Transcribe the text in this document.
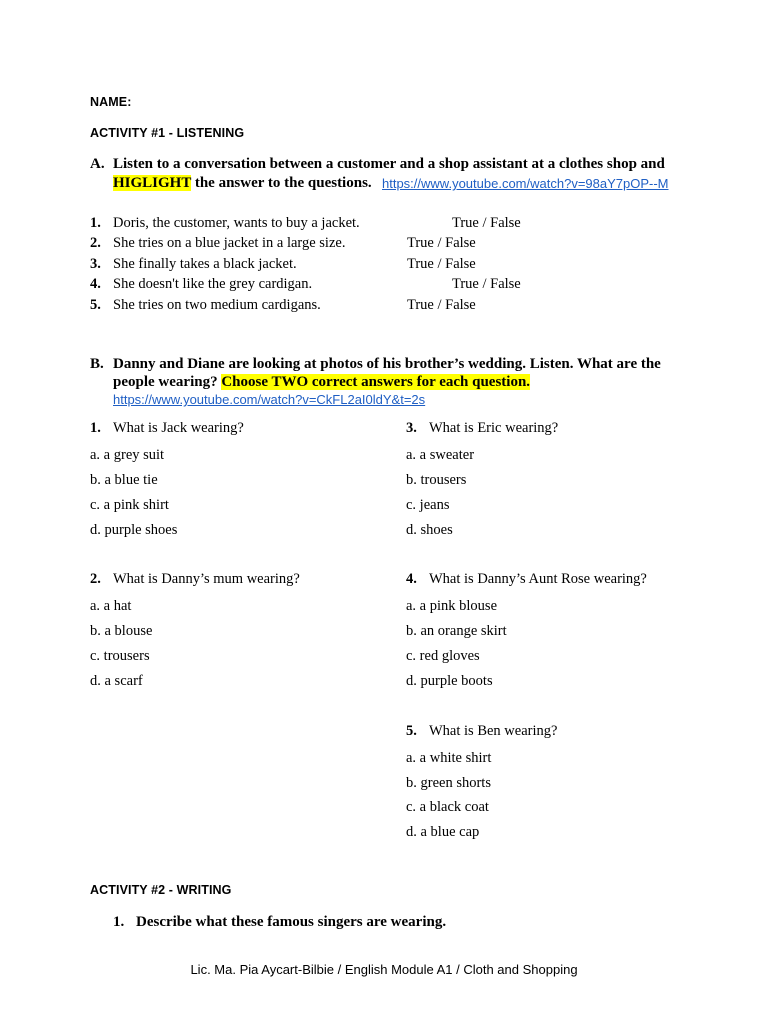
NAME:
ACTIVITY #1 - LISTENING
A. Listen to a conversation between a customer and a shop assistant at a clothes shop and
HIGLIGHT the answer to the questions. https://www.youtube.com/watch?v=98aY7pOP--M
1. Doris, the customer, wants to buy a jacket.	True / False
2. She tries on a blue jacket in a large size.	True / False
3. She finally takes a black jacket.	True / False
4. She doesn't like the grey cardigan.	True / False
5. She tries on two medium cardigans.	True / False
B. Danny and Diane are looking at photos of his brother’s wedding. Listen. What are the
people wearing? Choose TWO correct answers for each question.
https://www.youtube.com/watch?v=CkFL2aI0ldY&t=2s
1. What is Jack wearing?
a. a grey suit
b. a blue tie
c. a pink shirt
d. purple shoes
3. What is Eric wearing?
a. a sweater
b. trousers
c. jeans
d. shoes
2. What is Danny’s mum wearing?
a. a hat
b. a blouse
c. trousers
d. a scarf
4. What is Danny’s Aunt Rose wearing?
a. a pink blouse
b. an orange skirt
c. red gloves
d. purple boots
5. What is Ben wearing?
a. a white shirt
b. green shorts
c. a black coat
d. a blue cap
ACTIVITY #2 - WRITING
1. Describe what these famous singers are wearing.
Lic. Ma. Pia Aycart-Bilbie / English Module A1 / Cloth and Shopping
